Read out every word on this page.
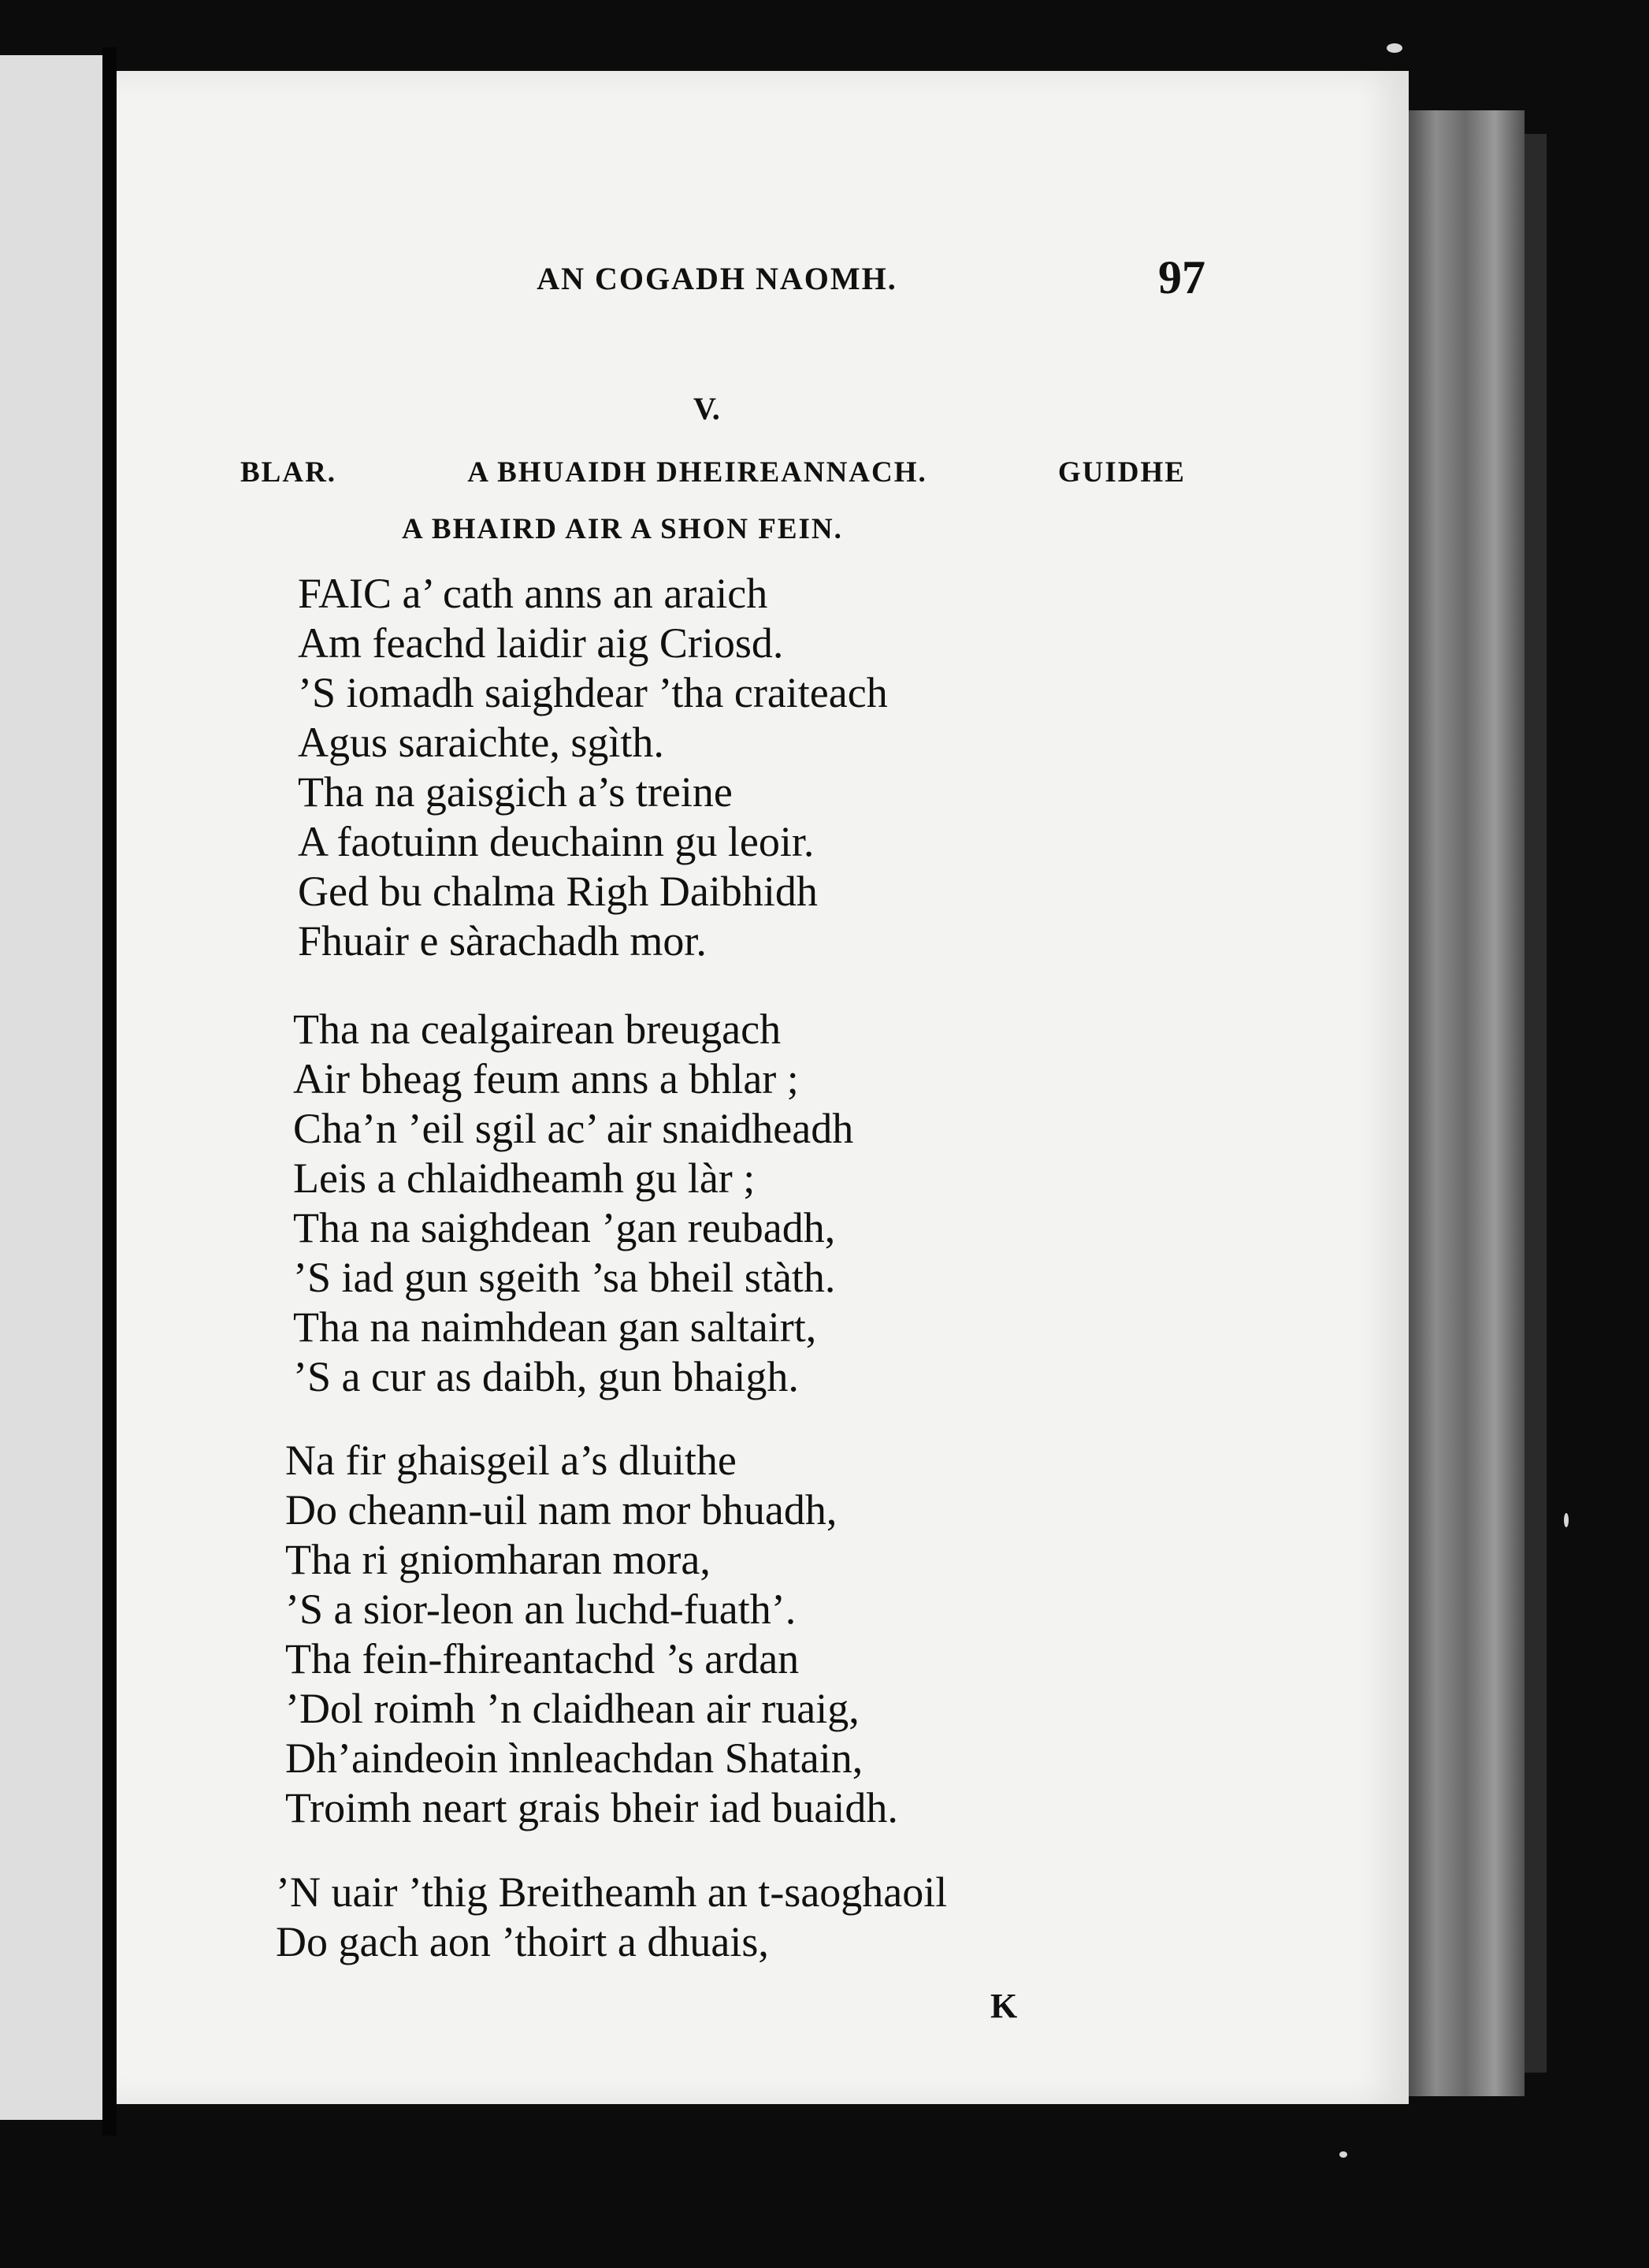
AN COGADH NAOMH.	97
V.
BLAR.	A BHUAIDH DHEIREANNACH.	GUIDHE
A BHAIRD AIR A SHON FEIN.
FAIC a’ cath anns an araich
Am feachd laidir aig Criosd.
’S iomadh saighdear ’tha craiteach
Agus saraichte, sgìth.
Tha na gaisgich a’s treine
A faotuinn deuchainn gu leoir.
Ged bu chalma Righ Daibhidh
Fhuair e sàrachadh mor.
Tha na cealgairean breugach
Air bheag feum anns a bhlar ;
Cha’n ’eil sgil ac’ air snaidheadh
Leis a chlaidheamh gu làr ;
Tha na saighdean ’gan reubadh,
’S iad gun sgeith ’sa bheil stàth.
Tha na naimhdean gan saltairt,
’S a cur as daibh, gun bhaigh.
Na fir ghaisgeil a’s dluithe
Do cheann-uil nam mor bhuadh,
Tha ri gniomharan mora,
’S a sior-leon an luchd-fuath’.
Tha fein-fhireantachd ’s ardan
’Dol roimh ’n claidhean air ruaig,
Dh’aindeoin ìnnleachdan Shatain,
Troimh neart grais bheir iad buaidh.
’N uair ’thig Breitheamh an t-saoghaoil
Do gach aon ’thoirt a dhuais,
K
